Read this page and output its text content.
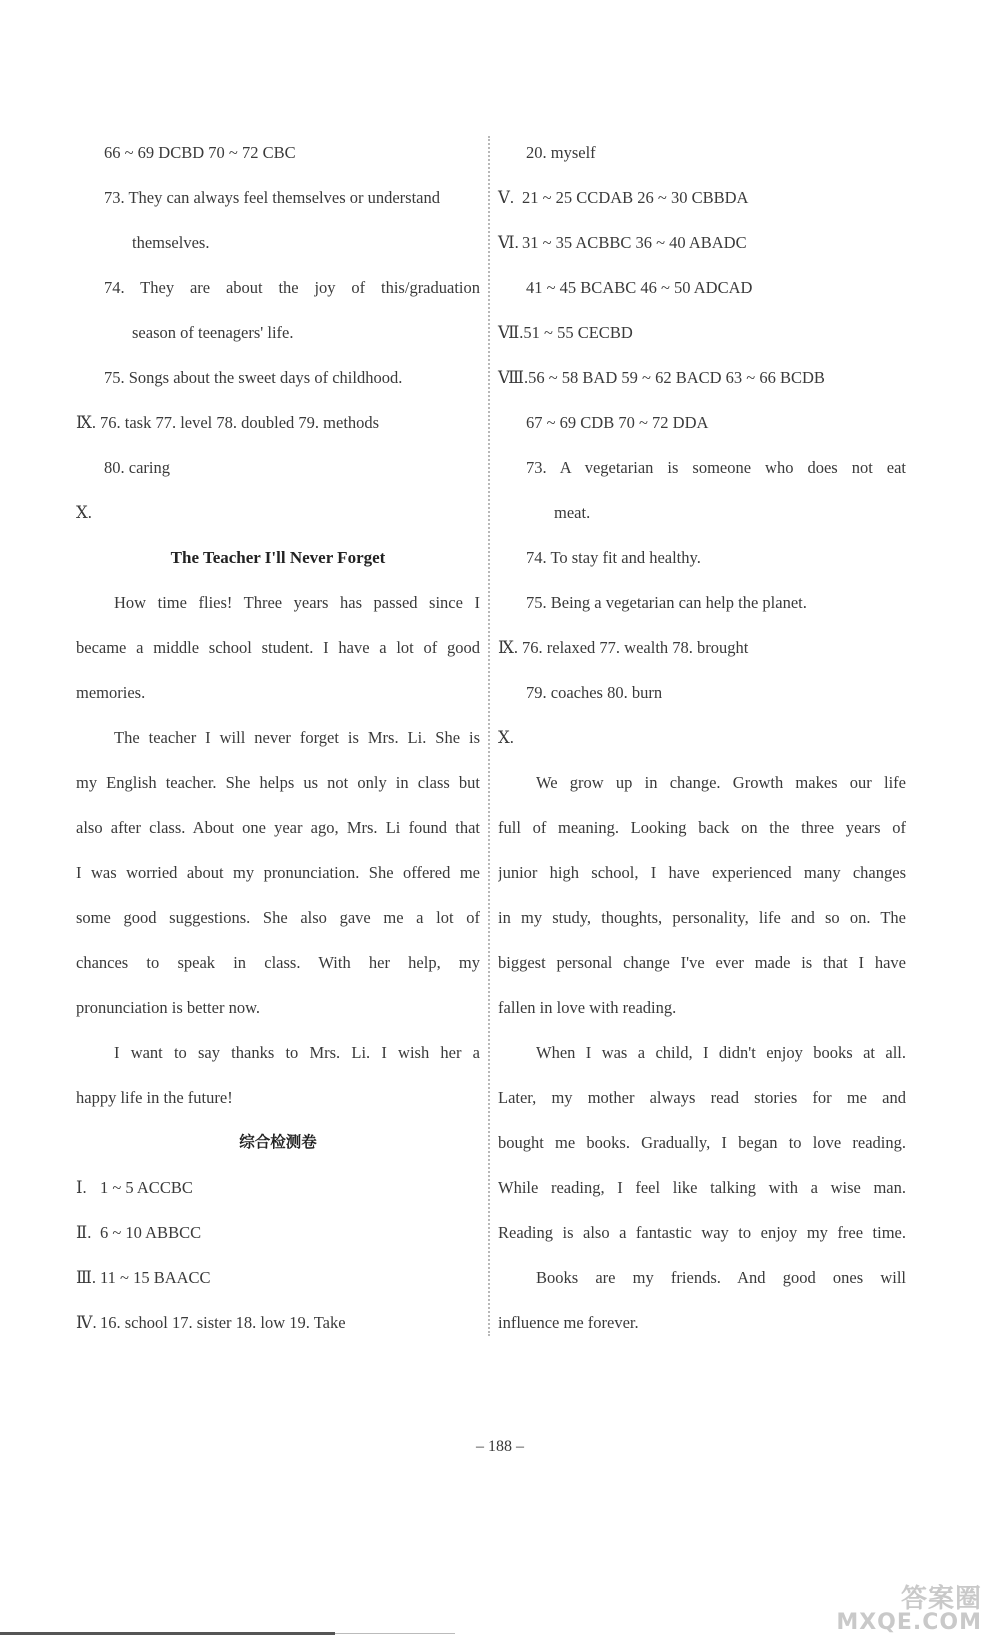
66 ~ 69 DCBD 70 ~ 72 CBC
73. They can always feel themselves or understand
themselves.
74. They are about the joy of this/graduation
season of teenagers' life.
75. Songs about the sweet days of childhood.
Ⅸ. 76. task 77. level 78. doubled 79. methods
80. caring
Ⅹ.
The Teacher I'll Never Forget
How time flies! Three years has passed since I
became a middle school student. I have a lot of good
memories.
The teacher I will never forget is Mrs. Li. She is
my English teacher. She helps us not only in class but
also after class. About one year ago, Mrs. Li found that
I was worried about my pronunciation. She offered me
some good suggestions. She also gave me a lot of
chances to speak in class. With her help, my
pronunciation is better now.
I want to say thanks to Mrs. Li. I wish her a
happy life in the future!
综合检测卷
Ⅰ. 1 ~ 5 ACCBC
Ⅱ. 6 ~ 10 ABBCC
Ⅲ. 11 ~ 15 BAACC
Ⅳ. 16. school 17. sister 18. low 19. Take
20. myself
Ⅴ. 21 ~ 25 CCDAB 26 ~ 30 CBBDA
Ⅵ. 31 ~ 35 ACBBC 36 ~ 40 ABADC
41 ~ 45 BCABC 46 ~ 50 ADCAD
Ⅶ.51 ~ 55 CECBD
Ⅷ.56 ~ 58 BAD 59 ~ 62 BACD 63 ~ 66 BCDB
67 ~ 69 CDB 70 ~ 72 DDA
73. A vegetarian is someone who does not eat
meat.
74. To stay fit and healthy.
75. Being a vegetarian can help the planet.
Ⅸ. 76. relaxed 77. wealth 78. brought
79. coaches 80. burn
Ⅹ.
We grow up in change. Growth makes our life
full of meaning. Looking back on the three years of
junior high school, I have experienced many changes
in my study, thoughts, personality, life and so on. The
biggest personal change I've ever made is that I have
fallen in love with reading.
When I was a child, I didn't enjoy books at all.
Later, my mother always read stories for me and
bought me books. Gradually, I began to love reading.
While reading, I feel like talking with a wise man.
Reading is also a fantastic way to enjoy my free time.
Books are my friends. And good ones will
influence me forever.
– 188 –
答案圈
MXQE.COM
